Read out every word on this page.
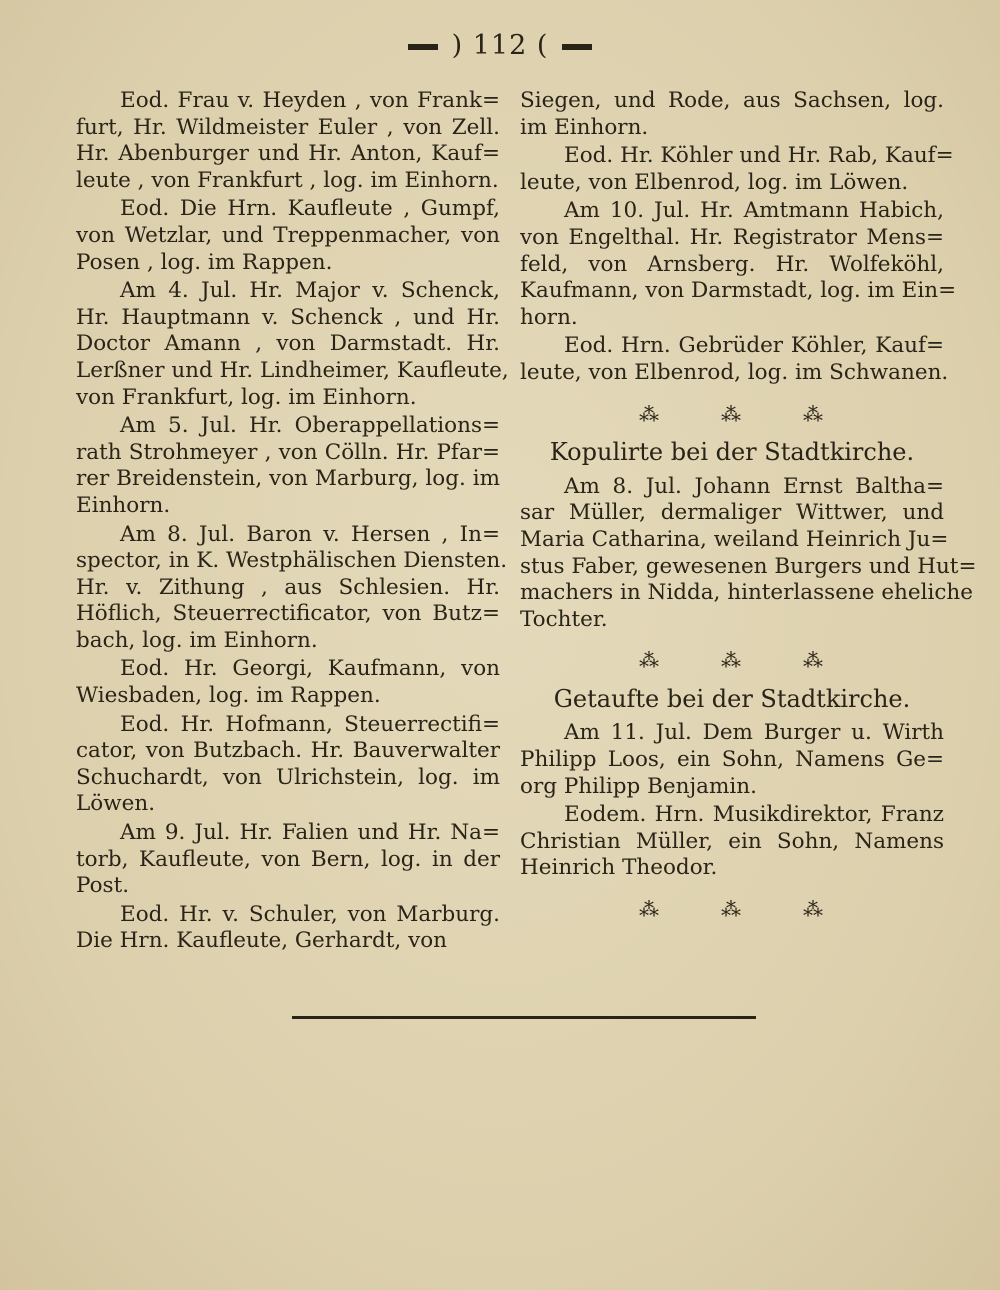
) 112 (

Eod. Frau v. Heyden , von Frank=
furt, Hr. Wildmeister Euler , von Zell.
Hr. Abenburger und Hr. Anton, Kauf=
leute , von Frankfurt , log. im Einhorn.

Eod. Die Hrn. Kaufleute , Gumpf,
von Wetzlar, und Treppenmacher, von
Posen , log. im Rappen.

Am 4. Jul. Hr. Major v. Schenck,
Hr. Hauptmann v. Schenck , und Hr.
Doctor Amann , von Darmstadt. Hr.
Lerßner und Hr. Lindheimer, Kaufleute,
von Frankfurt, log. im Einhorn.

Am 5. Jul. Hr. Oberappellations=
rath Strohmeyer , von Cölln. Hr. Pfar=
rer Breidenstein, von Marburg, log. im
Einhorn.

Am 8. Jul. Baron v. Hersen , In=
spector, in K. Westphälischen Diensten.
Hr. v. Zithung , aus Schlesien. Hr.
Höflich, Steuerrectificator, von Butz=
bach, log. im Einhorn.

Eod. Hr. Georgi, Kaufmann, von
Wiesbaden, log. im Rappen.

Eod. Hr. Hofmann, Steuerrectifi=
cator, von Butzbach. Hr. Bauverwalter
Schuchardt, von Ulrichstein, log. im
Löwen.

Am 9. Jul. Hr. Falien und Hr. Na=
torb, Kaufleute, von Bern, log. in der
Post.

Eod. Hr. v. Schuler, von Marburg.
Die Hrn. Kaufleute, Gerhardt, von

Siegen, und Rode, aus Sachsen, log.
im Einhorn.

Eod. Hr. Köhler und Hr. Rab, Kauf=
leute, von Elbenrod, log. im Löwen.

Am 10. Jul. Hr. Amtmann Habich,
von Engelthal. Hr. Registrator Mens=
feld, von Arnsberg. Hr. Wolfeköhl,
Kaufmann, von Darmstadt, log. im Ein=
horn.

Eod. Hrn. Gebrüder Köhler, Kauf=
leute, von Elbenrod, log. im Schwanen.

⁂	⁂	⁂
Kopulirte bei der Stadtkirche.

Am 8. Jul. Johann Ernst Baltha=
sar Müller, dermaliger Wittwer, und
Maria Catharina, weiland Heinrich Ju=
stus Faber, gewesenen Burgers und Hut=
machers in Nidda, hinterlassene eheliche
Tochter.

⁂	⁂	⁂
Getaufte bei der Stadtkirche.

Am 11. Jul. Dem Burger u. Wirth
Philipp Loos, ein Sohn, Namens Ge=
org Philipp Benjamin.

Eodem. Hrn. Musikdirektor, Franz
Christian Müller, ein Sohn, Namens
Heinrich Theodor.

⁂	⁂	⁂
